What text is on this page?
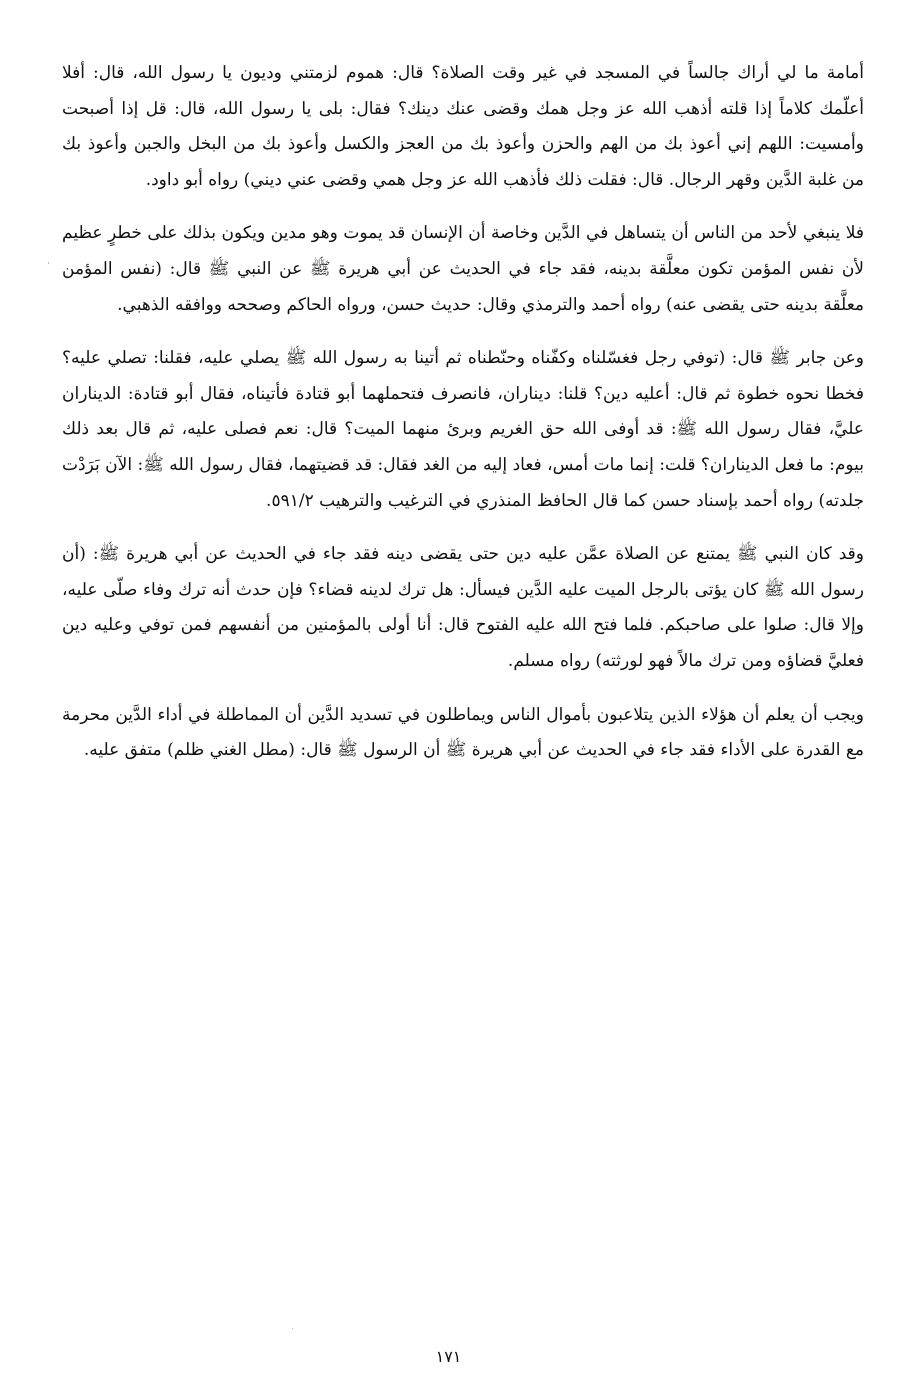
أمامة ما لي أراك جالساً في المسجد في غير وقت الصلاة؟ قال: هموم لزمتني وديون يا رسول الله، قال: أفلا أعلّمك كلاماً إذا قلته أذهب الله عز وجل همك وقضى عنك دينك؟ فقال: بلى يا رسول الله، قال: قل إذا أصبحت وأمسيت: اللهم إني أعوذ بك من الهم والحزن وأعوذ بك من العجز والكسل وأعوذ بك من البخل والجبن وأعوذ بك من غلبة الدَّين وقهر الرجال. قال: فقلت ذلك فأذهب الله عز وجل همي وقضى عني ديني) رواه أبو داود.

فلا ينبغي لأحد من الناس أن يتساهل في الدَّين وخاصة أن الإنسان قد يموت وهو مدين ويكون بذلك على خطرٍ عظيم لأن نفس المؤمن تكون معلَّقة بدينه، فقد جاء في الحديث عن أبي هريرة ﷺ عن النبي ﷺ قال: (نفس المؤمن معلَّقة بدينه حتى يقضى عنه) رواه أحمد والترمذي وقال: حديث حسن، ورواه الحاكم وصححه ووافقه الذهبي.

وعن جابر ﷺ قال: (توفي رجل فغسّلناه وكفّناه وحنّطناه ثم أتينا به رسول الله ﷺ يصلي عليه، فقلنا: تصلي عليه؟ فخطا نحوه خطوة ثم قال: أعليه دين؟ قلنا: ديناران، فانصرف فتحملهما أبو قتادة فأتيناه، فقال أبو قتادة: الديناران عليَّ، فقال رسول الله ﷺ: قد أوفى الله حق الغريم وبرئ منهما الميت؟ قال: نعم فصلى عليه، ثم قال بعد ذلك بيوم: ما فعل الديناران؟ قلت: إنما مات أمس، فعاد إليه من الغد فقال: قد قضيتهما، فقال رسول الله ﷺ: الآن بَرَدْت جلدته) رواه أحمد بإسناد حسن كما قال الحافظ المنذري في الترغيب والترهيب ٥٩١/٢.

وقد كان النبي ﷺ يمتنع عن الصلاة عمَّن عليه دين حتى يقضى دينه فقد جاء في الحديث عن أبي هريرة ﷺ: (أن رسول الله ﷺ كان يؤتى بالرجل الميت عليه الدَّين فيسأل: هل ترك لدينه قضاء؟ فإن حدث أنه ترك وفاء صلّى عليه، وإلا قال: صلوا على صاحبكم. فلما فتح الله عليه الفتوح قال: أنا أولى بالمؤمنين من أنفسهم فمن توفي وعليه دين فعليَّ قضاؤه ومن ترك مالاً فهو لورثته) رواه مسلم.

ويجب أن يعلم أن هؤلاء الذين يتلاعبون بأموال الناس ويماطلون في تسديد الدَّين أن المماطلة في أداء الدَّين محرمة مع القدرة على الأداء فقد جاء في الحديث عن أبي هريرة ﷺ أن الرسول ﷺ قال: (مطل الغني ظلم) متفق عليه.

١٧١
